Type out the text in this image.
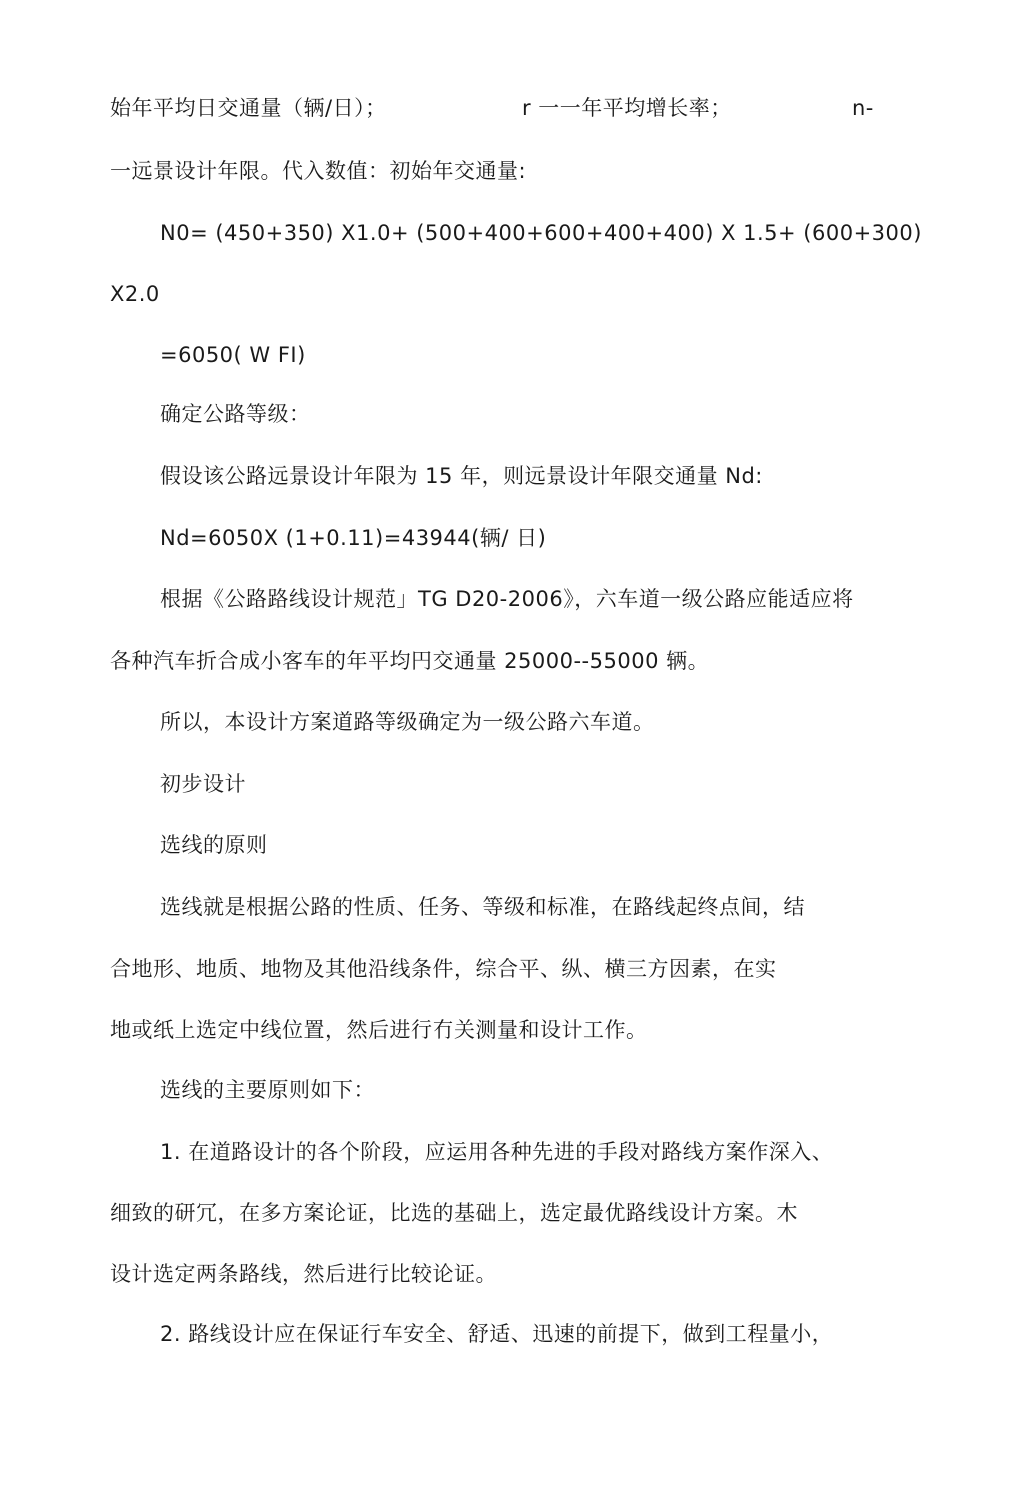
始年平均日交通量（辆/日）；	r 一一年平均增长率；	n-
一远景设计年限。代入数值：初始年交通量:
N0= (450+350) X1.0+ (500+400+600+400+400) X 1.5+ (600+300)
X2.0
=6050( W FI)
确定公路等级：
假设该公路远景设计年限为 15 年，则远景设计年限交通量 Nd:
Nd=6050X (1+0.11)=43944(辆/ 日)
根据《公路路线设计规范」TG D20-2006》，六车道一级公路应能适应将
各种汽车折合成小客车的年平均円交通量 25000--55000 辆。
所以，本设计方案道路等级确定为一级公路六车道。
初步设计
选线的原则
选线就是根据公路的性质、任务、等级和标准，在路线起终点间，结
合地形、地质、地物及其他沿线条件，综合平、纵、横三方因素，在实
地或纸上选定中线位置，然后进行冇关测量和设计工作。
选线的主要原则如下：
1. 在道路设计的各个阶段，应运用各种先进的手段对路线方案作深入、
细致的研冗，在多方案论证，比选的基础上，选定最优路线设计方案。木
设计选定两条路线，然后进行比较论证。
2. 路线设计应在保证行车安全、舒适、迅速的前提下，做到工程量小，
